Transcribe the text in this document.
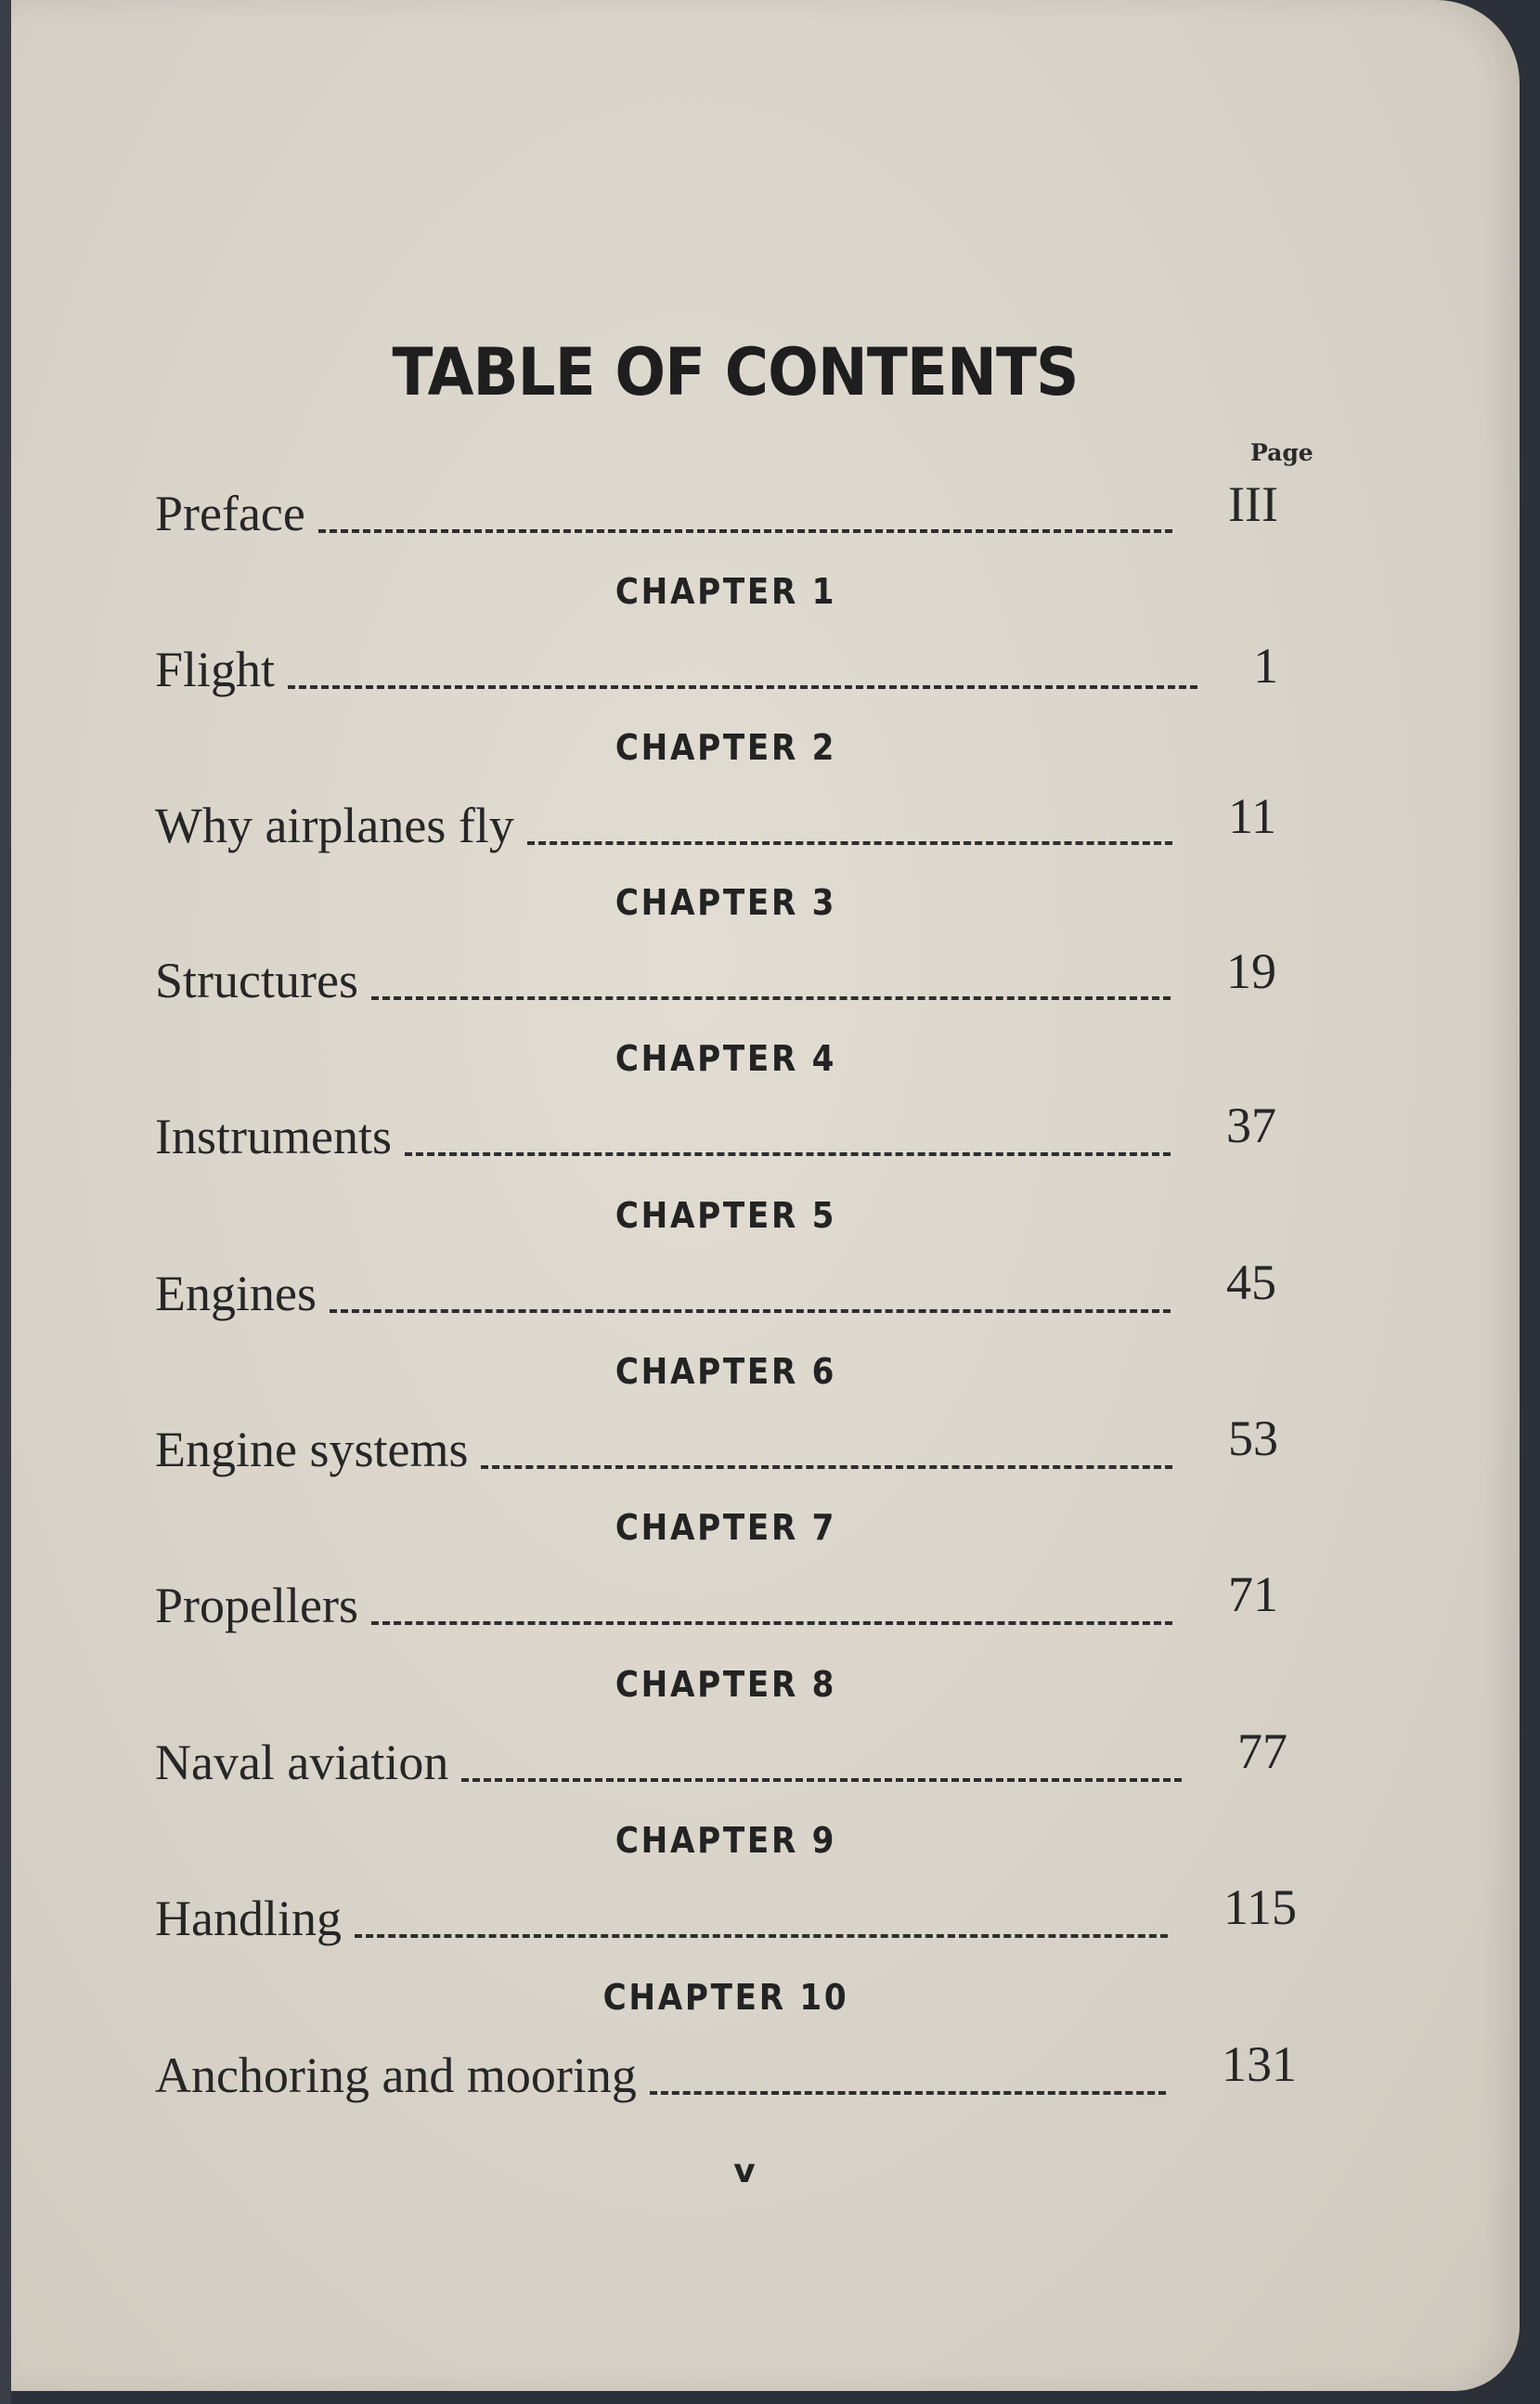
TABLE OF CONTENTS
Page
Preface	III
CHAPTER 1
Flight	1
CHAPTER 2
Why airplanes fly	11
CHAPTER 3
Structures	19
CHAPTER 4
Instruments	37
CHAPTER 5
Engines	45
CHAPTER 6
Engine systems	53
CHAPTER 7
Propellers	71
CHAPTER 8
Naval aviation	77
CHAPTER 9
Handling	115
CHAPTER 10
Anchoring and mooring	131
v
